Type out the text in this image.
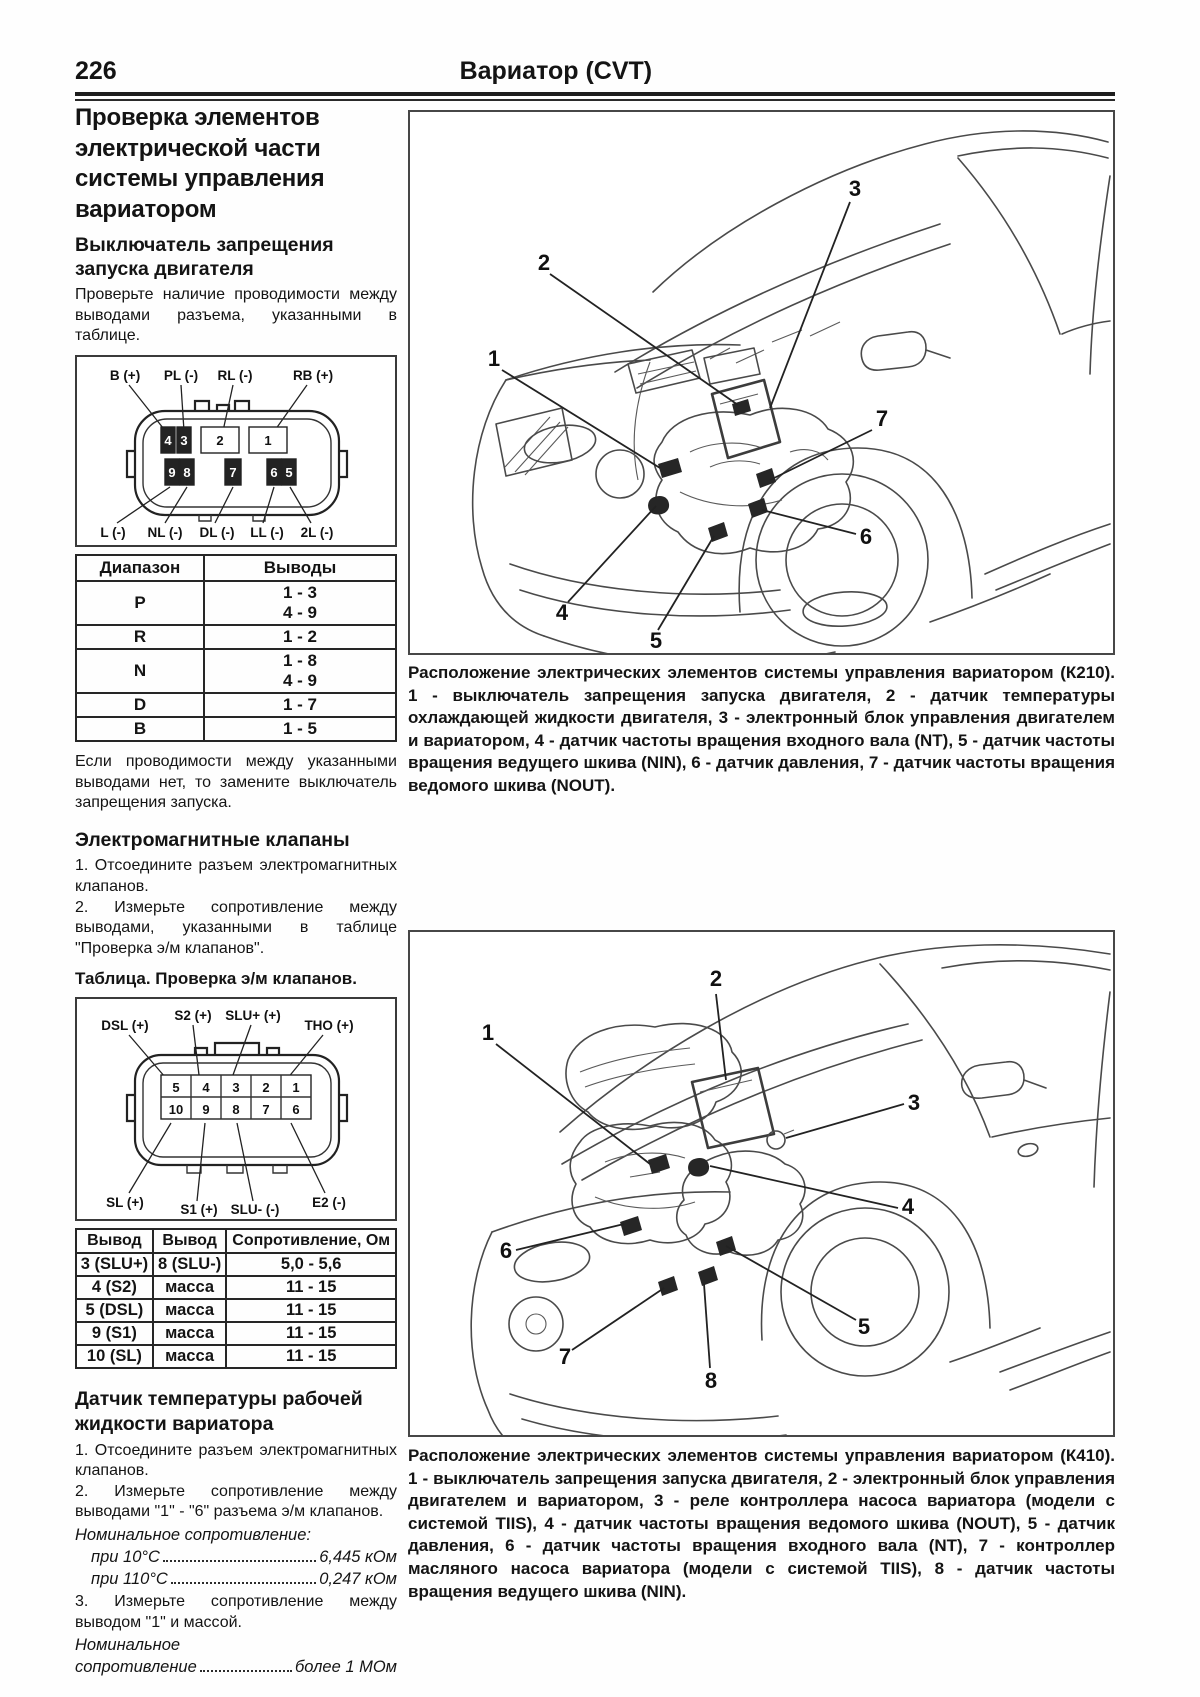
226	Вариатор (CVT)
Проверка элементов электрической части системы управления вариатором
Выключатель запрещения запуска двигателя

Проверьте наличие проводимости между выводами разъема, указанными в таблице.

B (+) PL (-) RL (-)	RB (+)
4 3 2	1
9 8	7	6 5
L (-) NL (-) DL (-) LL (-) 2L (-)
Диапазон	Выводы
P	1 - 3
4 - 9

R	1 - 2

N	1 - 8
4 - 9

D	1 - 7

B	1 - 5

Если проводимости между указанными выводами нет, то замените выключатель запрещения запуска.

Электромагнитные клапаны

1. Отсоедините разъем электромагнитных клапанов.

2. Измерьте сопротивление между выводами, указанными в таблице "Проверка э/м клапанов".

Таблица. Проверка э/м клапанов.
DSL (+)
S2 (+) SLU+ (+)
THO (+)
5 4 3 2 1
10 9 8 7 6
SL (+)	S1 (+) SLU- (-) E2 (-)
Вывод	Вывод	Сопротивление, Ом
3 (SLU+)	8 (SLU-)	5,0 - 5,6
4 (S2)	масса	11 - 15
5 (DSL)	масса	11 - 15
9 (S1)	масса	11 - 15
10 (SL)	масса	11 - 15
Датчик температуры рабочей жидкости вариатора

1. Отсоедините разъем электромагнитных клапанов.

2. Измерьте сопротивление между выводами "1" - "6" разъема э/м клапанов.

Номинальное сопротивление:
при 10°С	6,445 кОм
при 110°С	0,247 кОм

3. Измерьте сопротивление между выводом "1" и массой.

Номинальное
сопротивление	более 1 МОм
1
2
3
4
5
6
7
Расположение электрических элементов системы управления вариатором (К210). 1 - выключатель запрещения запуска двигателя, 2 - датчик температуры охлаждающей жидкости двигателя, 3 - электронный блок управления двигателем и вариатором, 4 - датчик частоты вращения входного вала (NT), 5 - датчик частоты вращения ведущего шкива (NIN), 6 - датчик давления, 7 - датчик частоты вращения ведомого шкива (NOUT).
1
2
3
4
5
6
7
8
Расположение электрических элементов системы управления вариатором (К410). 1 - выключатель запрещения запуска двигателя, 2 - электронный блок управления двигателем и вариатором, 3 - реле контроллера насоса вариатора (модели с системой TIIS), 4 - датчик частоты вращения ведомого шкива (NOUT), 5 - датчик давления, 6 - датчик частоты вращения входного вала (NT), 7 - контроллер масляного насоса вариатора (модели с системой TIIS), 8 - датчик частоты вращения ведущего шкива (NIN).
